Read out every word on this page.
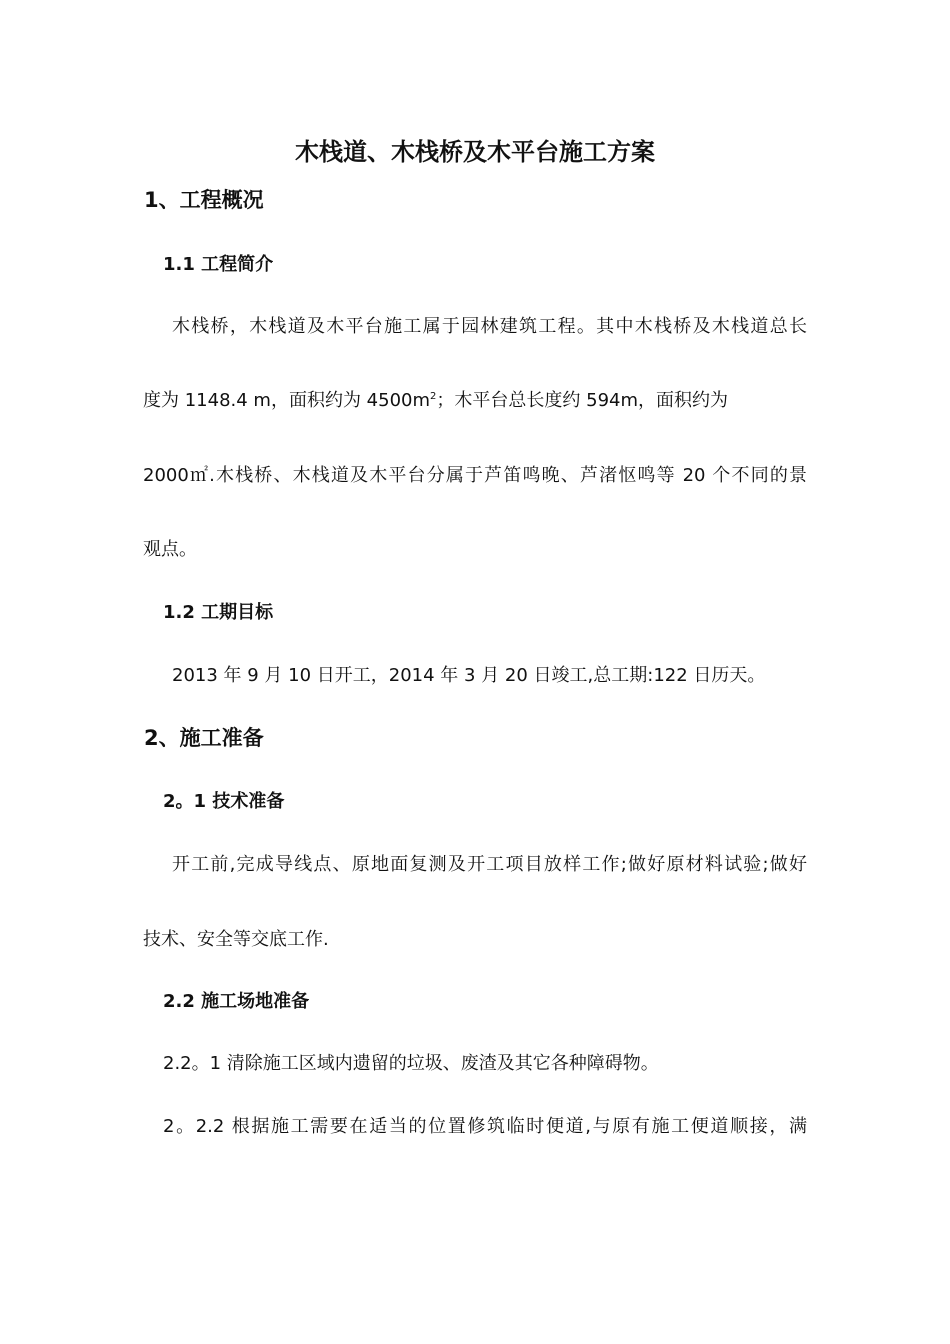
木栈道、木栈桥及木平台施工方案
1、工程概况
1.1 工程简介
木栈桥，木栈道及木平台施工属于园林建筑工程。其中木栈桥及木栈道总长
度为 1148.4 m，面积约为 $4500m^2$；木平台总长度约 594m，面积约为
2000㎡.木栈桥、木栈道及木平台分属于芦笛鸣晚、芦渚怄鸣等 20 个不同的景
观点。
1.2 工期目标
2013 年 9 月 10 日开工，2014 年 3 月 20 日竣工,总工期:122 日历天。
2、施工准备
2。1 技术准备
开工前,完成导线点、原地面复测及开工项目放样工作;做好原材料试验;做好
技术、安全等交底工作.
2.2 施工场地准备
2.2。1 清除施工区域内遗留的垃圾、废渣及其它各种障碍物。
2。2.2 根据施工需要在适当的位置修筑临时便道,与原有施工便道顺接，满
